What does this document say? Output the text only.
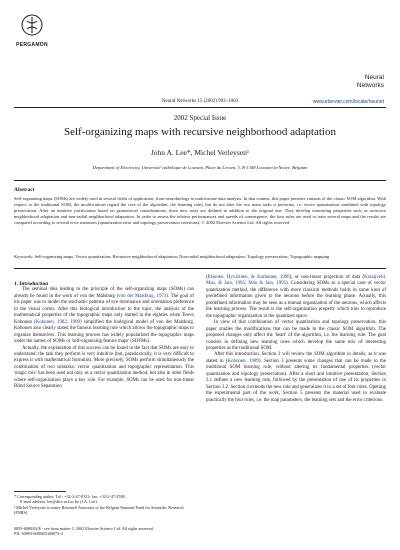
PERGAMON
Neural
Networks
Neural Networks 15 (2002) 993–1003	www.elsevier.com/locate/neunet
2002 Special Issue
Self-organizing maps with recursive neighborhood adaptation
John A. Lee*, Michel Verleysen¹
Department of Electricity, Université catholique de Louvain, Place du Levant, 3, B-1348 Louvain-la-Neuve, Belgium
Abstract
Self-organizing maps (SOMs) are widely used in several fields of application, from neurobiology to multivariate data analysis. In that context, this paper presents variants of the classic SOM algorithm. With respect to the traditional SOM, the modifications regard the core of the algorithm, the learning rule), but do not alter the two main tasks it performs, i.e. vector quantization combined with topology preservation. After an intuitive justification based on geometrical considerations, three new rules are defined in addition to the original one. They develop interesting properties such as recursive neighborhood adaptation and non-radial neighborhood adaptation. In order to assess the relative performances and speeds of convergence, the four rules are used to train several maps and the results are compared according to several error measures (quantization error and topology preservation criterions). © 2002 Elsevier Science Ltd. All rights reserved.
Keywords: Self-organizing maps; Vector quantization; Recursive neighborhood adaptation; Non-radial neighborhood adaptation; Topology preservation; Topographic mapping

1. Introduction

The seminal idea leading to the principle of the self-organizing maps (SOMs) can already be found in the work of von der Malsburg (von der Malsburg, 1973). The goal of his paper was to model the stochastic patterns of eye dominance and orientation preference in the visual cortex. After this biological introduction to the topic, the analysis of the mathematical properties of the topographic maps only started in the eighties when Teuvo Kohonen (Kohonen, 1982, 1989) simplified the biological model of von der Malsburg. Kohonen also clearly stated the famous learning rule which allows the topographic maps to organize themselves. This learning process has widely popularized the topographic maps under the names of SOMs or 'self-organizing feature maps' (SOFMs).

Actually, the explanation of this success can be found in the fact that SOMs are easy to understand: the task they perform is very intuitive (but, paradoxically, it is very difficult to express it with mathematical formulas). More precisely, SOMs perform simultaneously the combination of two subtasks: vector quantization and topographic representation. This 'magic mix' has been used not only as a vector quantization method, but also in other fields where self-organization plays a key role. For example, SOMs can be used for non-linear Blind Source Separation

(Pajunen, Hyvärinen, & Karhunen, 1996), or non-linear projection of data (Kraaijveld, Mao, & Jain, 1995; Mao & Jain, 1995). Considering SOMs as a special case of vector quantization method, the difference with more classical methods holds in some kind of predefined information given to the neurons before the learning phase. Actually, this predefined information may be seen as a mutual organization of the neurons, which affects the learning process. The result is the self-organization property which tries to reproduce the topographic organization in the quantized space.

In view of that combination of vector quantization and topology preservation, this paper studies the modifications that can be made to the classic SOM algorithm. The proposed changes only affect the 'heart' of the algorithm, i.e. the learning rule. The goal consists in defining new learning rules which develop the same mix of interesting properties as the traditional SOM.

After this introduction, Section 2 will review the SOM algorithm in details, as it was stated in (Kohonen, 1989). Section 3 presents some changes that can be made to the traditional SOM learning rule, without altering its fundamental properties (vector quantization and topology preservation). After a short and intuitive presentation, Section 3.1 defines a new learning rule, followed by the presentation of one of its properties in Section 3.2. Section 4 extends the new rule and generalizes it to a set of four rules. Opening the experimental part of the work, Section 5 presents the material used to evaluate practically the four rules, i.e. the map parameters, the learning sets and the error criterions.

* Corresponding author. Tel.: +32-2-47-8133; fax: +32-2-47-2598.
E-mail address: lee@dice.ucl.ac.be (J.A. Lee).
¹ Michel Verleysen is senior Research Associate of the Belgian National Fund for Scientific Research (FNRS).
0893-6080/02/$ - see front matter © 2002 Elsevier Science Ltd. All rights reserved.
PII: S0893-6080(02)00073-4
